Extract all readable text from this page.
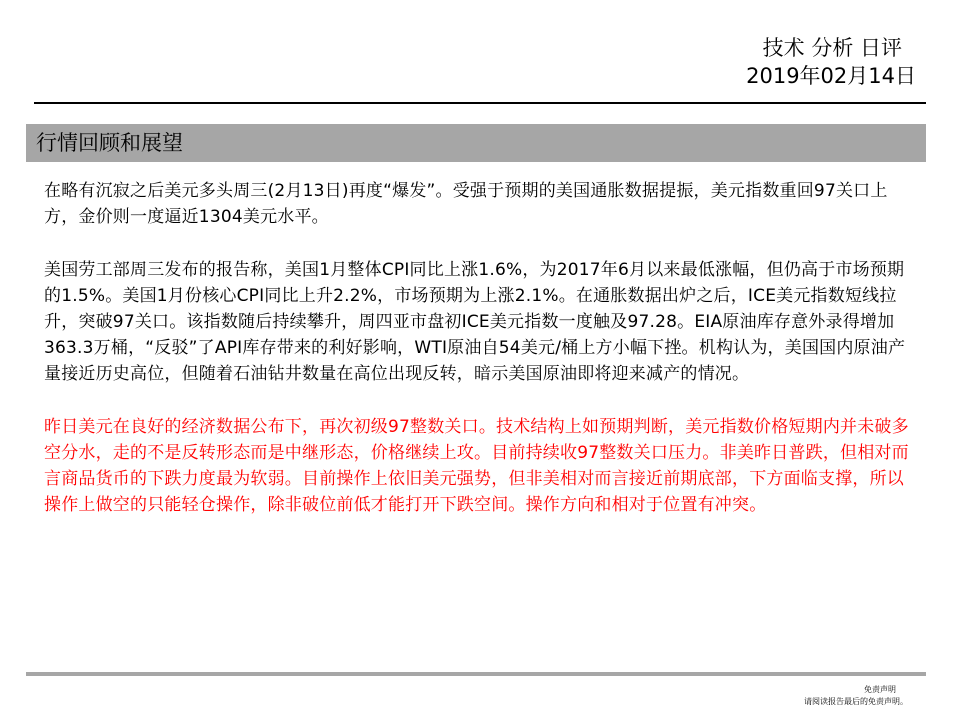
技术 分析 日评
2019年02月14日
行情回顾和展望

在略有沉寂之后美元多头周三(2月13日)再度“爆发”。受强于预期的美国通胀数据提振，美元指数重回97关口上方，金价则一度逼近1304美元水平。

美国劳工部周三发布的报告称，美国1月整体CPI同比上涨1.6%，为2017年6月以来最低涨幅，但仍高于市场预期的1.5%。美国1月份核心CPI同比上升2.2%，市场预期为上涨2.1%。在通胀数据出炉之后，ICE美元指数短线拉升，突破97关口。该指数随后持续攀升，周四亚市盘初ICE美元指数一度触及97.28。EIA原油库存意外录得增加363.3万桶，“反驳”了API库存带来的利好影响，WTI原油自54美元/桶上方小幅下挫。机构认为，美国国内原油产量接近历史高位，但随着石油钻井数量在高位出现反转，暗示美国原油即将迎来减产的情况。

昨日美元在良好的经济数据公布下，再次初级97整数关口。技术结构上如预期判断，美元指数价格短期内并未破多空分水，走的不是反转形态而是中继形态，价格继续上攻。目前持续收97整数关口压力。非美昨日普跌，但相对而言商品货币的下跌力度最为软弱。目前操作上依旧美元强势，但非美相对而言接近前期底部，下方面临支撑，所以操作上做空的只能轻仓操作，除非破位前低才能打开下跌空间。操作方向和相对于位置有冲突。

免责声明
请阅读报告最后的免责声明。
